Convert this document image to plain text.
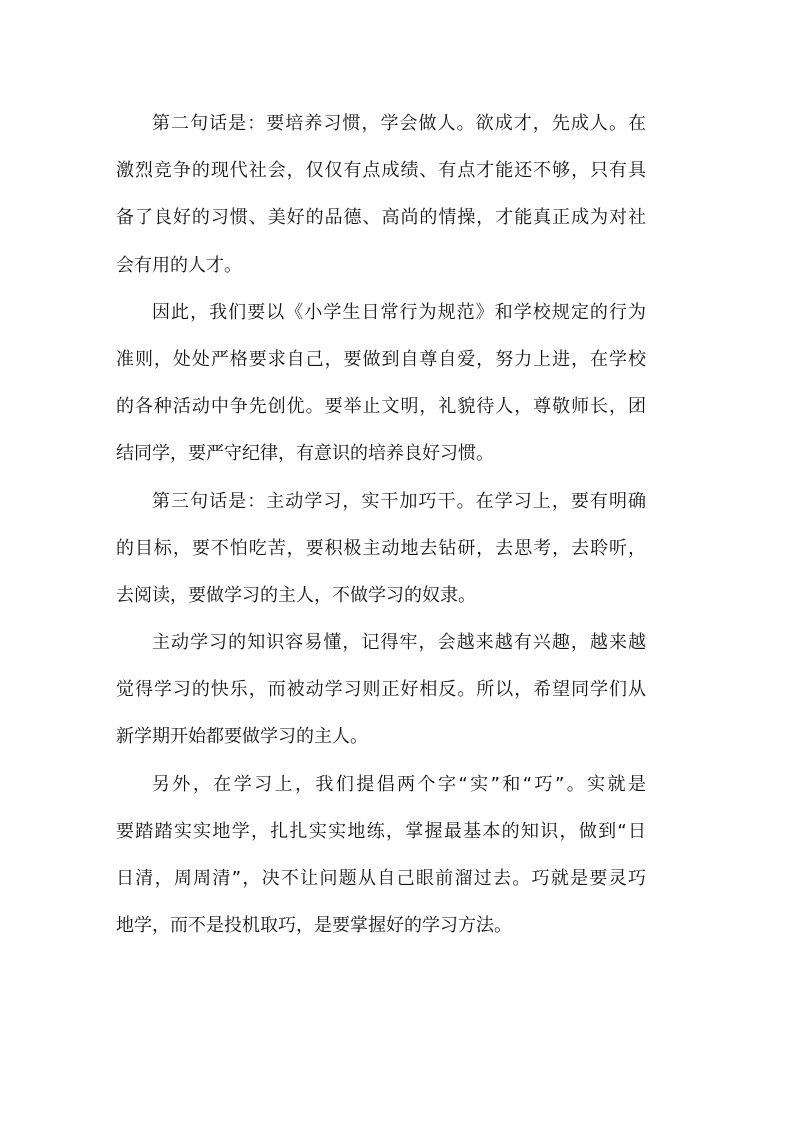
第二句话是：要培养习惯，学会做人。欲成才，先成人。在
激烈竞争的现代社会，仅仅有点成绩、有点才能还不够，只有具
备了良好的习惯、美好的品德、高尚的情操，才能真正成为对社
会有用的人才。
因此，我们要以《小学生日常行为规范》和学校规定的行为
准则，处处严格要求自己，要做到自尊自爱，努力上进，在学校
的各种活动中争先创优。要举止文明，礼貌待人，尊敬师长，团
结同学，要严守纪律，有意识的培养良好习惯。
第三句话是：主动学习，实干加巧干。在学习上，要有明确
的目标，要不怕吃苦，要积极主动地去钻研，去思考，去聆听，
去阅读，要做学习的主人，不做学习的奴隶。
主动学习的知识容易懂，记得牢，会越来越有兴趣，越来越
觉得学习的快乐，而被动学习则正好相反。所以，希望同学们从
新学期开始都要做学习的主人。
另外，在学习上，我们提倡两个字“实”和“巧”。实就是
要踏踏实实地学，扎扎实实地练，掌握最基本的知识，做到“日
日清，周周清”，决不让问题从自己眼前溜过去。巧就是要灵巧
地学，而不是投机取巧，是要掌握好的学习方法。
